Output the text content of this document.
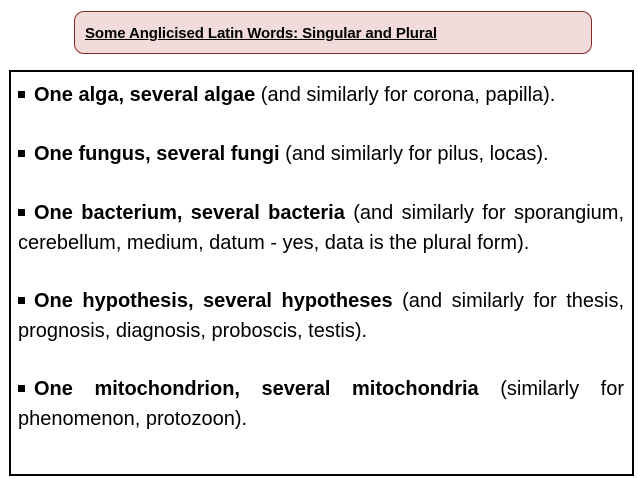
Some Anglicised Latin Words: Singular and Plural

One alga, several algae (and similarly for corona, papilla).

One fungus, several fungi (and similarly for pilus, locas).

One bacterium, several bacteria (and similarly for sporangium, cerebellum, medium, datum - yes, data is the plural form).

One hypothesis, several hypotheses (and similarly for thesis, prognosis, diagnosis, proboscis, testis).

One mitochondrion, several mitochondria (similarly for phenomenon, protozoon).
